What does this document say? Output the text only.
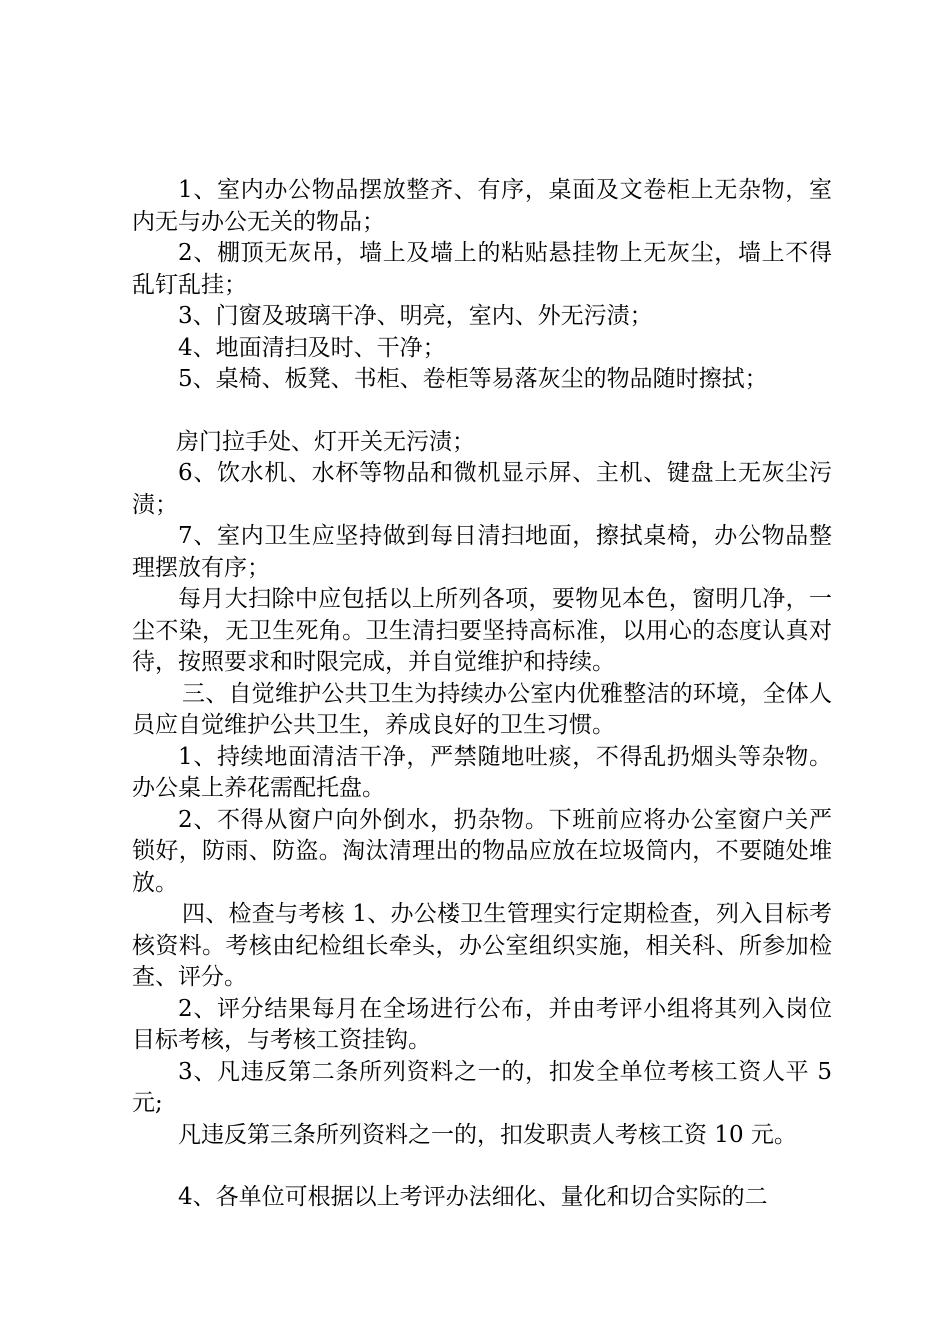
1、室内办公物品摆放整齐、有序，桌面及文卷柜上无杂物，室内无与办公无关的物品；

2、棚顶无灰吊，墙上及墙上的粘贴悬挂物上无灰尘，墙上不得乱钉乱挂；

3、门窗及玻璃干净、明亮，室内、外无污渍；

4、地面清扫及时、干净；

5、桌椅、板凳、书柜、卷柜等易落灰尘的物品随时擦拭；

房门拉手处、灯开关无污渍；

6、饮水机、水杯等物品和微机显示屏、主机、键盘上无灰尘污渍；

7、室内卫生应坚持做到每日清扫地面，擦拭桌椅，办公物品整理摆放有序；

每月大扫除中应包括以上所列各项，要物见本色，窗明几净，一尘不染，无卫生死角。卫生清扫要坚持高标准，以用心的态度认真对待，按照要求和时限完成，并自觉维护和持续。

三、自觉维护公共卫生为持续办公室内优雅整洁的环境，全体人员应自觉维护公共卫生，养成良好的卫生习惯。

1、持续地面清洁干净，严禁随地吐痰，不得乱扔烟头等杂物。办公桌上养花需配托盘。

2、不得从窗户向外倒水，扔杂物。下班前应将办公室窗户关严锁好，防雨、防盗。淘汰清理出的物品应放在垃圾筒内，不要随处堆放。

四、检查与考核 1、办公楼卫生管理实行定期检查，列入目标考核资料。考核由纪检组长牵头，办公室组织实施，相关科、所参加检查、评分。

2、评分结果每月在全场进行公布，并由考评小组将其列入岗位目标考核，与考核工资挂钩。

3、凡违反第二条所列资料之一的，扣发全单位考核工资人平 5 元;

凡违反第三条所列资料之一的，扣发职责人考核工资 10 元。

4、各单位可根据以上考评办法细化、量化和切合实际的二
